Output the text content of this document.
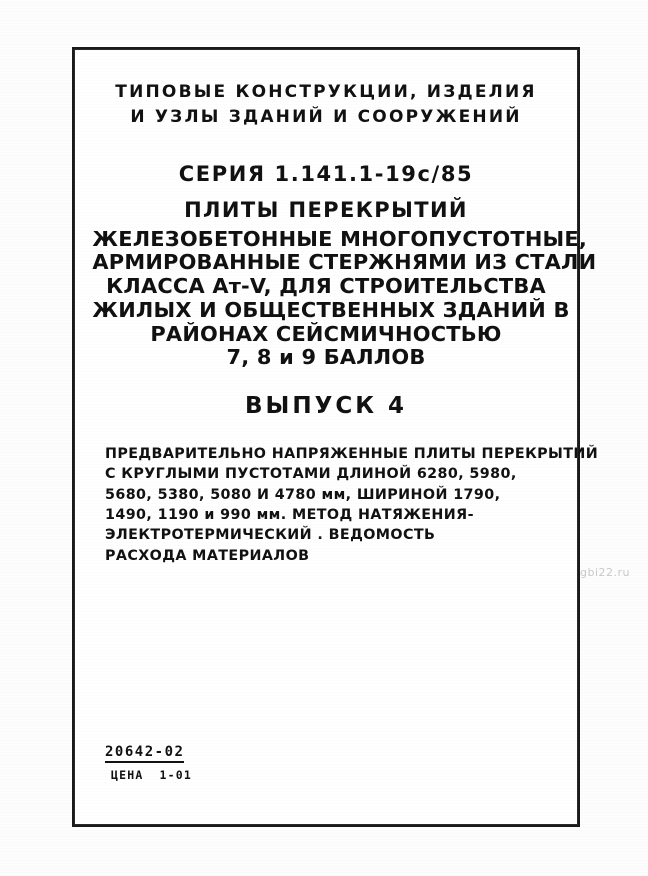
ТИПОВЫЕ КОНСТРУКЦИИ, ИЗДЕЛИЯ
И УЗЛЫ ЗДАНИЙ И СООРУЖЕНИЙ
СЕРИЯ 1.141.1-19с/85
ПЛИТЫ ПЕРЕКРЫТИЙ
ЖЕЛЕЗОБЕТОННЫЕ МНОГОПУСТОТНЫЕ,
АРМИРОВАННЫЕ СТЕРЖНЯМИ ИЗ СТАЛИ
КЛАССА Ат-V, ДЛЯ СТРОИТЕЛЬСТВА
ЖИЛЫХ И ОБЩЕСТВЕННЫХ ЗДАНИЙ В
РАЙОНАХ СЕЙСМИЧНОСТЬЮ
7, 8 и 9 БАЛЛОВ
ВЫПУСК 4
ПРЕДВАРИТЕЛЬНО НАПРЯЖЕННЫЕ ПЛИТЫ ПЕРЕКРЫТИЙ
С КРУГЛЫМИ ПУСТОТАМИ ДЛИНОЙ 6280, 5980,
5680, 5380, 5080 И 4780 мм, ШИРИНОЙ 1790,
1490, 1190 и 990 мм. МЕТОД НАТЯЖЕНИЯ-
ЭЛЕКТРОТЕРМИЧЕСКИЙ . ВЕДОМОСТЬ
РАСХОДА МАТЕРИАЛОВ
20642-02
ЦЕНА 1-01
gbi22.ru
